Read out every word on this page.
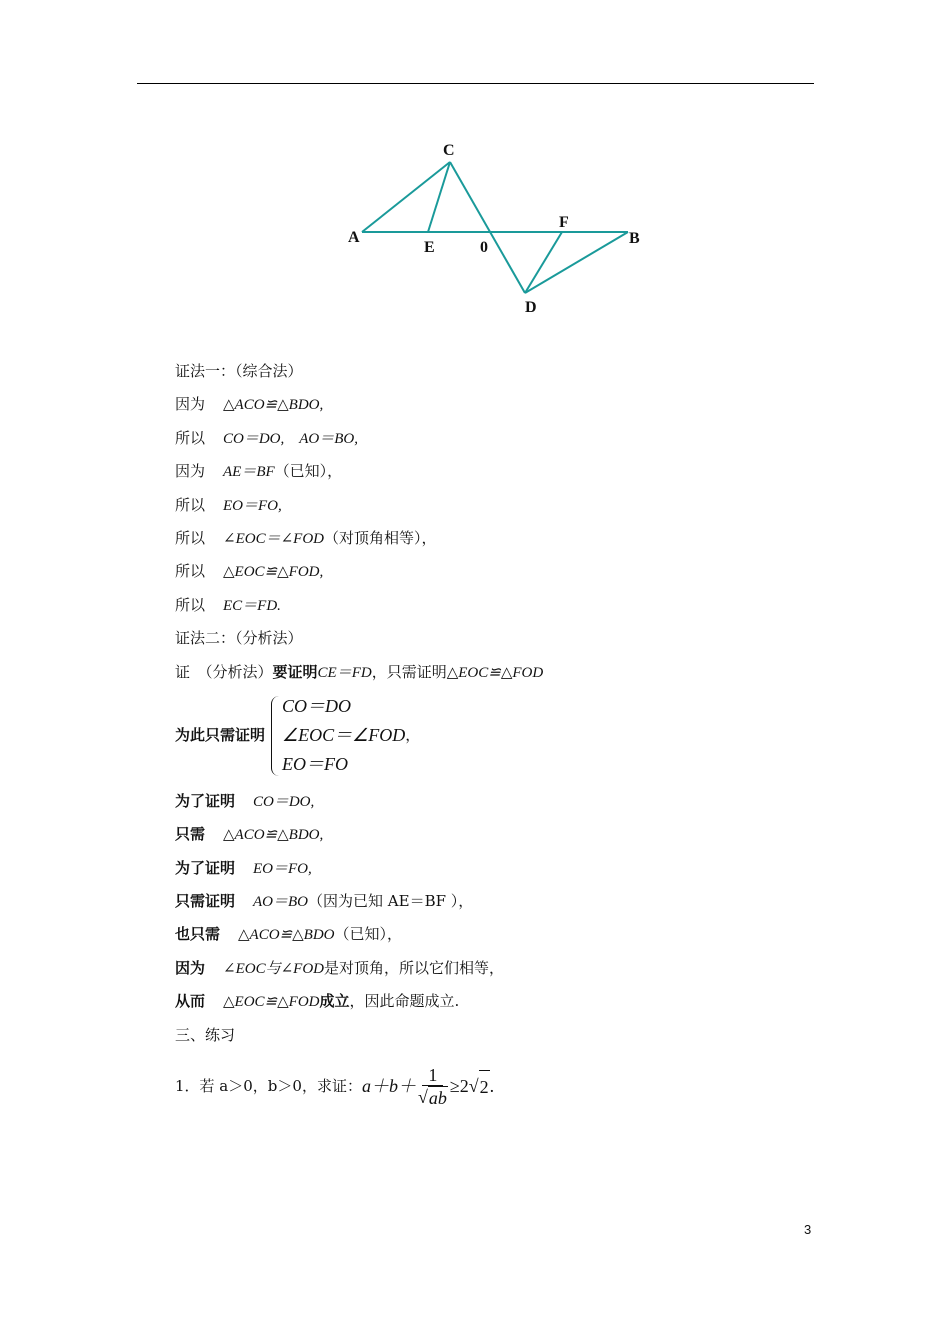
C
A
E	0
F
B
D
证法一：（综合法）
因为 △ACO≌△BDO,
所以 CO＝DO,　AO＝BO,
因为 AE＝BF（已知），
所以 EO＝FO,
所以 ∠EOC＝∠FOD（对顶角相等），
所以 △EOC≌△FOD,
所以 EC＝FD.
证法二：（分析法）
证　（分析法）要证明CE＝FD，只需证明△EOC≌△FOD
为此只需证明
CO＝DO
∠EOC＝∠FOD
EO＝FO
，
为了证明 CO＝DO,
只需 △ACO≌△BDO,
为了证明 EO＝FO,
只需证明 AO＝BO（因为已知 AE＝BF ），
也只需 △ACO≌△BDO（已知），
因为 ∠EOC与∠FOD是对顶角，所以它们相等，
从而 △EOC≌△FOD成立，因此命题成立.
三、练习
1．若 a＞0，b＞0，求证： $a+b+ \frac{1}{√ ab} \ge 2$ √ 2 .
3
